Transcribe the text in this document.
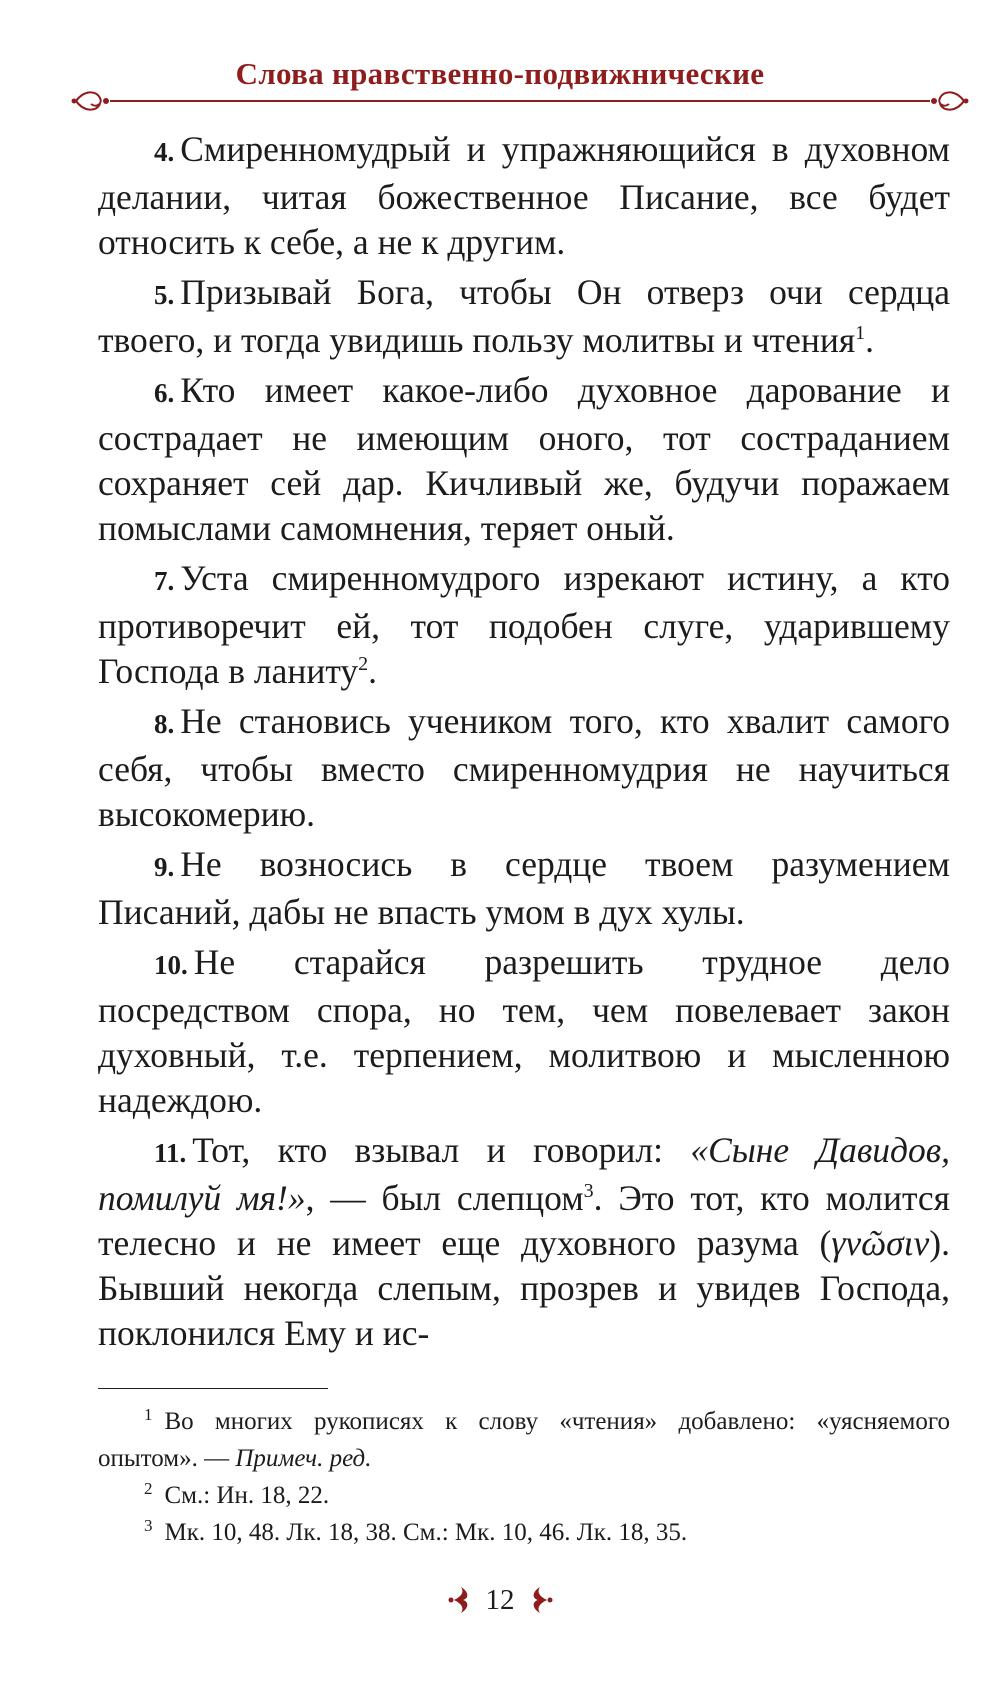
Слова нравственно-подвижнические

4. Смиренномудрый и упражняющийся в духовном делании, читая божественное Писание, все будет относить к себе, а не к другим.

5. Призывай Бога, чтобы Он отверз очи сердца твоего, и тогда увидишь пользу молитвы и чтения$^1$.

6. Кто имеет какое-либо духовное дарование и сострадает не имеющим оного, тот состраданием сохраняет сей дар. Кичливый же, будучи поражаем помыслами самомнения, теряет оный.

7. Уста смиренномудрого изрекают истину, а кто противоречит ей, тот подобен слуге, ударившему Господа в ланиту$^2$.

8. Не становись учеником того, кто хвалит самого себя, чтобы вместо смиренномудрия не научиться высокомерию.

9. Не возносись в сердце твоем разумением Писаний, дабы не впасть умом в дух хулы.

10. Не старайся разрешить трудное дело посредством спора, но тем, чем повелевает закон духовный, т.е. терпением, молитвою и мысленною надеждою.

11. Тот, кто взывал и говорил: «Сыне Давидов, помилуй мя!», — был слепцом$^3$. Это тот, кто молится телесно и не имеет еще духовного разума (γνῶσιν). Бывший некогда слепым, прозрев и увидев Господа, поклонился Ему и ис-

$^1$ Во многих рукописях к слову «чтения» добавлено: «уясняемого опытом». — Примеч. ред.

$^2$ См.: Ин. 18, 22.

$^3$ Мк. 10, 48. Лк. 18, 38. См.: Мк. 10, 46. Лк. 18, 35.

12
